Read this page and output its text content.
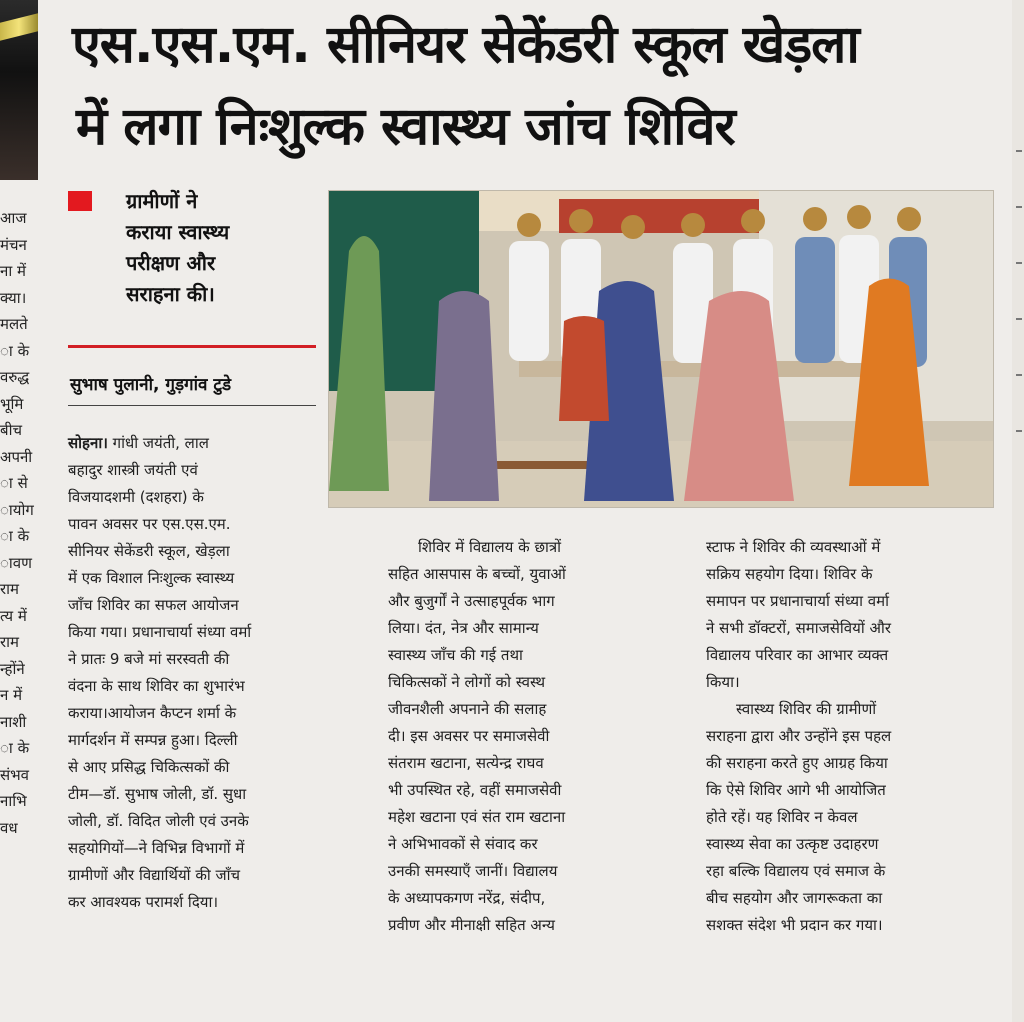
एस.एस.एम. सीनियर सेकेंडरी स्कूल खेड़ला
में लगा निःशुल्क स्वास्थ्य जांच शिविर
आज
मंचन
ना में
क्या।
मलते
ा के
वरुद्ध
भूमि
बीच
अपनी
ा से
ायोग
ा के
ावण
राम
त्य में
राम
न्होंने
न में
नाशी
ा के
संभव
नाभि
वध
ग्रामीणों ने
कराया स्वास्थ्य
परीक्षण और
सराहना की।
सुभाष पुलानी, गुड़गांव टुडे
सोहना। गांधी जयंती, लाल
बहादुर शास्त्री जयंती एवं
विजयादशमी (दशहरा) के
पावन अवसर पर एस.एस.एम.
सीनियर सेकेंडरी स्कूल, खेड़ला
में एक विशाल निःशुल्क स्वास्थ्य
जाँच शिविर का सफल आयोजन
किया गया। प्रधानाचार्या संध्या वर्मा
ने प्रातः 9 बजे मां सरस्वती की
वंदना के साथ शिविर का शुभारंभ
कराया।आयोजन कैप्टन शर्मा के
मार्गदर्शन में सम्पन्न हुआ। दिल्ली
से आए प्रसिद्ध चिकित्सकों की
टीम—डॉ. सुभाष जोली, डॉ. सुधा
जोली, डॉ. विदित जोली एवं उनके
सहयोगियों—ने विभिन्न विभागों में
ग्रामीणों और विद्यार्थियों की जाँच
कर आवश्यक परामर्श दिया।
शिविर में विद्यालय के छात्रों
सहित आसपास के बच्चों, युवाओं
और बुजुर्गों ने उत्साहपूर्वक भाग
लिया। दंत, नेत्र और सामान्य
स्वास्थ्य जाँच की गई तथा
चिकित्सकों ने लोगों को स्वस्थ
जीवनशैली अपनाने की सलाह
दी। इस अवसर पर समाजसेवी
संतराम खटाना, सत्येन्द्र राघव
भी उपस्थित रहे, वहीं समाजसेवी
महेश खटाना एवं संत राम खटाना
ने अभिभावकों से संवाद कर
उनकी समस्याएँ जानीं। विद्यालय
के अध्यापकगण नरेंद्र, संदीप,
प्रवीण और मीनाक्षी सहित अन्य
स्टाफ ने शिविर की व्यवस्थाओं में
सक्रिय सहयोग दिया। शिविर के
समापन पर प्रधानाचार्या संध्या वर्मा
ने सभी डॉक्टरों, समाजसेवियों और
विद्यालय परिवार का आभार व्यक्त
किया।
स्वास्थ्य शिविर की ग्रामीणों
सराहना द्वारा और उन्होंने इस पहल
की सराहना करते हुए आग्रह किया
कि ऐसे शिविर आगे भी आयोजित
होते रहें। यह शिविर न केवल
स्वास्थ्य सेवा का उत्कृष्ट उदाहरण
रहा बल्कि विद्यालय एवं समाज के
बीच सहयोग और जागरूकता का
सशक्त संदेश भी प्रदान कर गया।
